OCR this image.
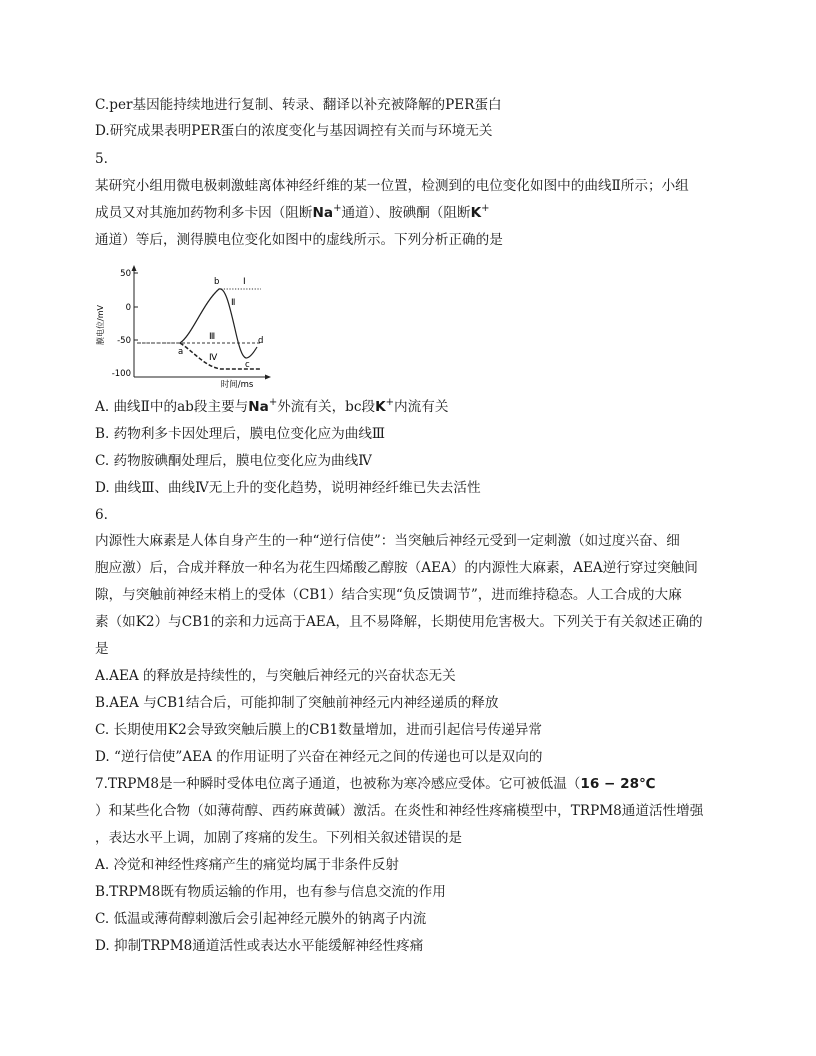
C.per基因能持续地进行复制、转录、翻译以补充被降解的PER蛋白
D.研究成果表明PER蛋白的浓度变化与基因调控有关而与环境无关
5.
某研究小组用微电极刺激蛙离体神经纤维的某一位置，检测到的电位变化如图中的曲线Ⅱ所示；小组
成员又对其施加药物利多卡因（阻断Na+通道）、胺碘酮（阻断K+
通道）等后，测得膜电位变化如图中的虚线所示。下列分析正确的是
50
0
-50
-100
膜电位/mV
时间/ms
a
b
c
d
Ⅰ
Ⅱ
Ⅲ
Ⅳ
A. 曲线Ⅱ中的ab段主要与Na+外流有关，bc段K+内流有关
B. 药物利多卡因处理后，膜电位变化应为曲线Ⅲ
C. 药物胺碘酮处理后，膜电位变化应为曲线Ⅳ
D. 曲线Ⅲ、曲线Ⅳ无上升的变化趋势，说明神经纤维已失去活性
6.
内源性大麻素是人体自身产生的一种“逆行信使”：当突触后神经元受到一定刺激（如过度兴奋、细
胞应激）后，合成并释放一种名为花生四烯酸乙醇胺（AEA）的内源性大麻素，AEA逆行穿过突触间
隙，与突触前神经末梢上的受体（CB1）结合实现“负反馈调节”，进而维持稳态。人工合成的大麻
素（如K2）与CB1的亲和力远高于AEA，且不易降解，长期使用危害极大。下列关于有关叙述正确的
是
A.AEA 的释放是持续性的，与突触后神经元的兴奋状态无关
B.AEA 与CB1结合后，可能抑制了突触前神经元内神经递质的释放
C. 长期使用K2会导致突触后膜上的CB1数量增加，进而引起信号传递异常
D. “逆行信使”AEA 的作用证明了兴奋在神经元之间的传递也可以是双向的
7.TRPM8是一种瞬时受体电位离子通道，也被称为寒冷感应受体。它可被低温（16 − 28℃
）和某些化合物（如薄荷醇、西药麻黄碱）激活。在炎性和神经性疼痛模型中，TRPM8通道活性增强
，表达水平上调，加剧了疼痛的发生。下列相关叙述错误的是
A. 冷觉和神经性疼痛产生的痛觉均属于非条件反射
B.TRPM8既有物质运输的作用，也有参与信息交流的作用
C. 低温或薄荷醇刺激后会引起神经元膜外的钠离子内流
D. 抑制TRPM8通道活性或表达水平能缓解神经性疼痛
